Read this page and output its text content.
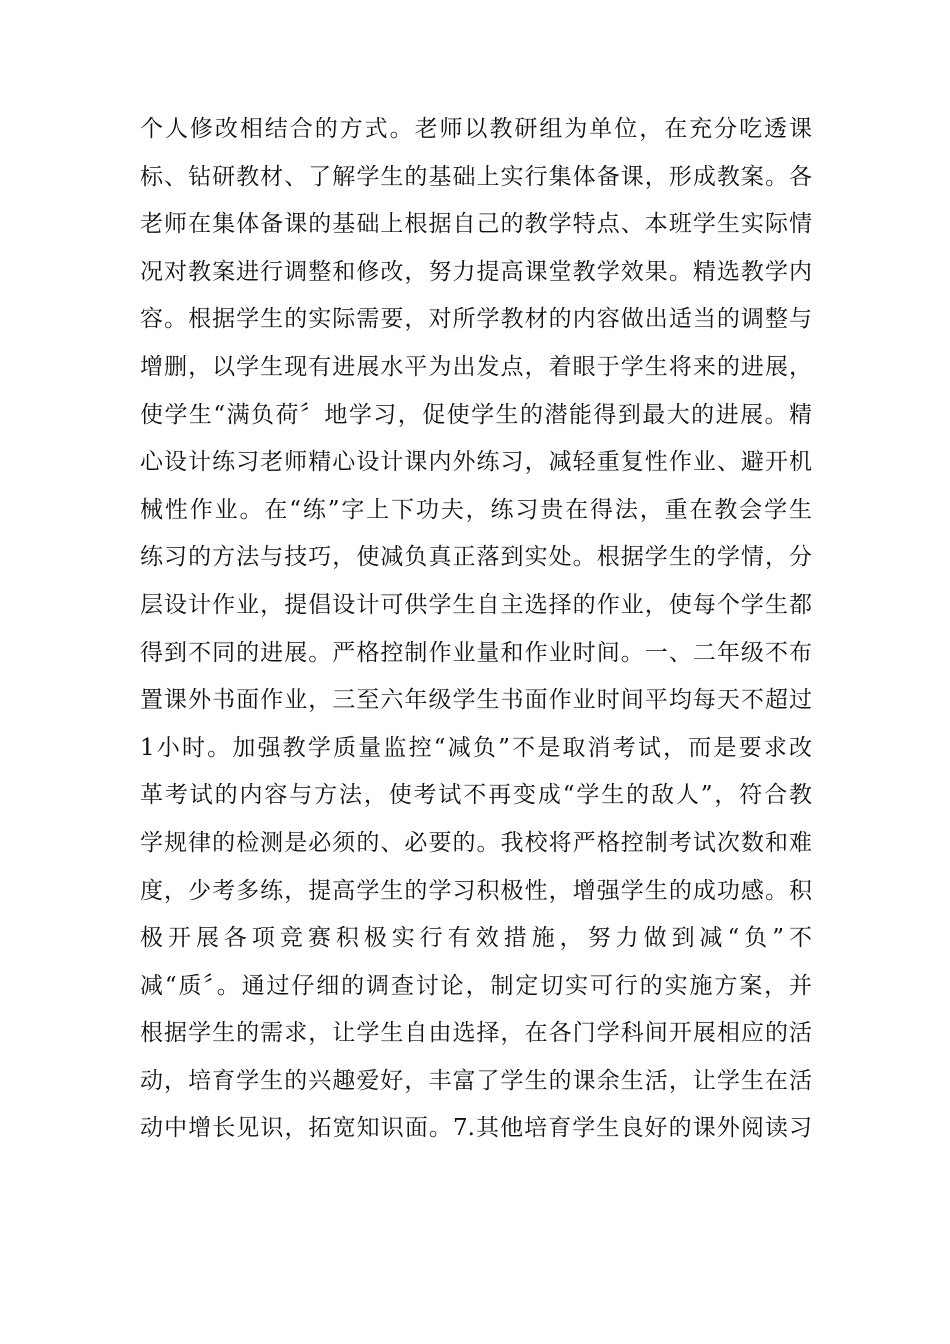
个人修改相结合的方式。老师以教研组为单位，在充分吃透课
标、钻研教材、了解学生的基础上实行集体备课，形成教案。各
老师在集体备课的基础上根据自己的教学特点、本班学生实际情
况对教案进行调整和修改，努力提高课堂教学效果。精选教学内
容。根据学生的实际需要，对所学教材的内容做出适当的调整与
增删，以学生现有进展水平为出发点，着眼于学生将来的进展，
使学生“满负荷〞地学习，促使学生的潜能得到最大的进展。精
心设计练习老师精心设计课内外练习，减轻重复性作业、避开机
械性作业。在“练”字上下功夫，练习贵在得法，重在教会学生
练习的方法与技巧，使减负真正落到实处。根据学生的学情，分
层设计作业，提倡设计可供学生自主选择的作业，使每个学生都
得到不同的进展。严格控制作业量和作业时间。一、二年级不布
置课外书面作业，三至六年级学生书面作业时间平均每天不超过
1小时。加强教学质量监控“减负”不是取消考试，而是要求改
革考试的内容与方法，使考试不再变成“学生的敌人”，符合教
学规律的检测是必须的、必要的。我校将严格控制考试次数和难
度，少考多练，提高学生的学习积极性，增强学生的成功感。积
极开展各项竞赛积极实行有效措施，努力做到减“负”不
减“质〞。通过仔细的调查讨论，制定切实可行的实施方案，并
根据学生的需求，让学生自由选择，在各门学科间开展相应的活
动，培育学生的兴趣爱好，丰富了学生的课余生活，让学生在活
动中增长见识，拓宽知识面。7.其他培育学生良好的课外阅读习
